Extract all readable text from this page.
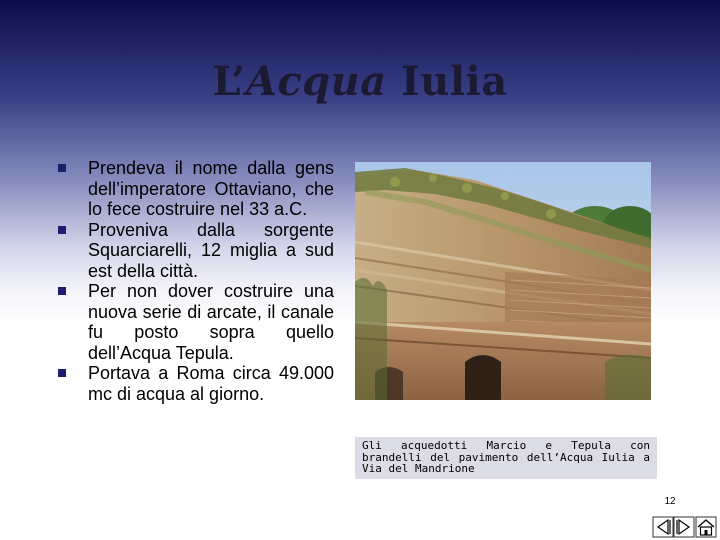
L’Acqua Iulia
Prendeva il nome dalla gens dell’imperatore Ottaviano, che lo fece costruire nel 33 a.C.
Proveniva dalla sorgente Squarciarelli, 12 miglia a sud est della città.
Per non dover costruire una nuova serie di arcate, il canale fu posto sopra quello dell’Acqua Tepula.
Portava a Roma circa 49.000 mc di acqua al giorno.
Gli acquedotti Marcio e Tepula con brandelli del pavimento dell’Acqua Iulia a Via del Mandrione
12
